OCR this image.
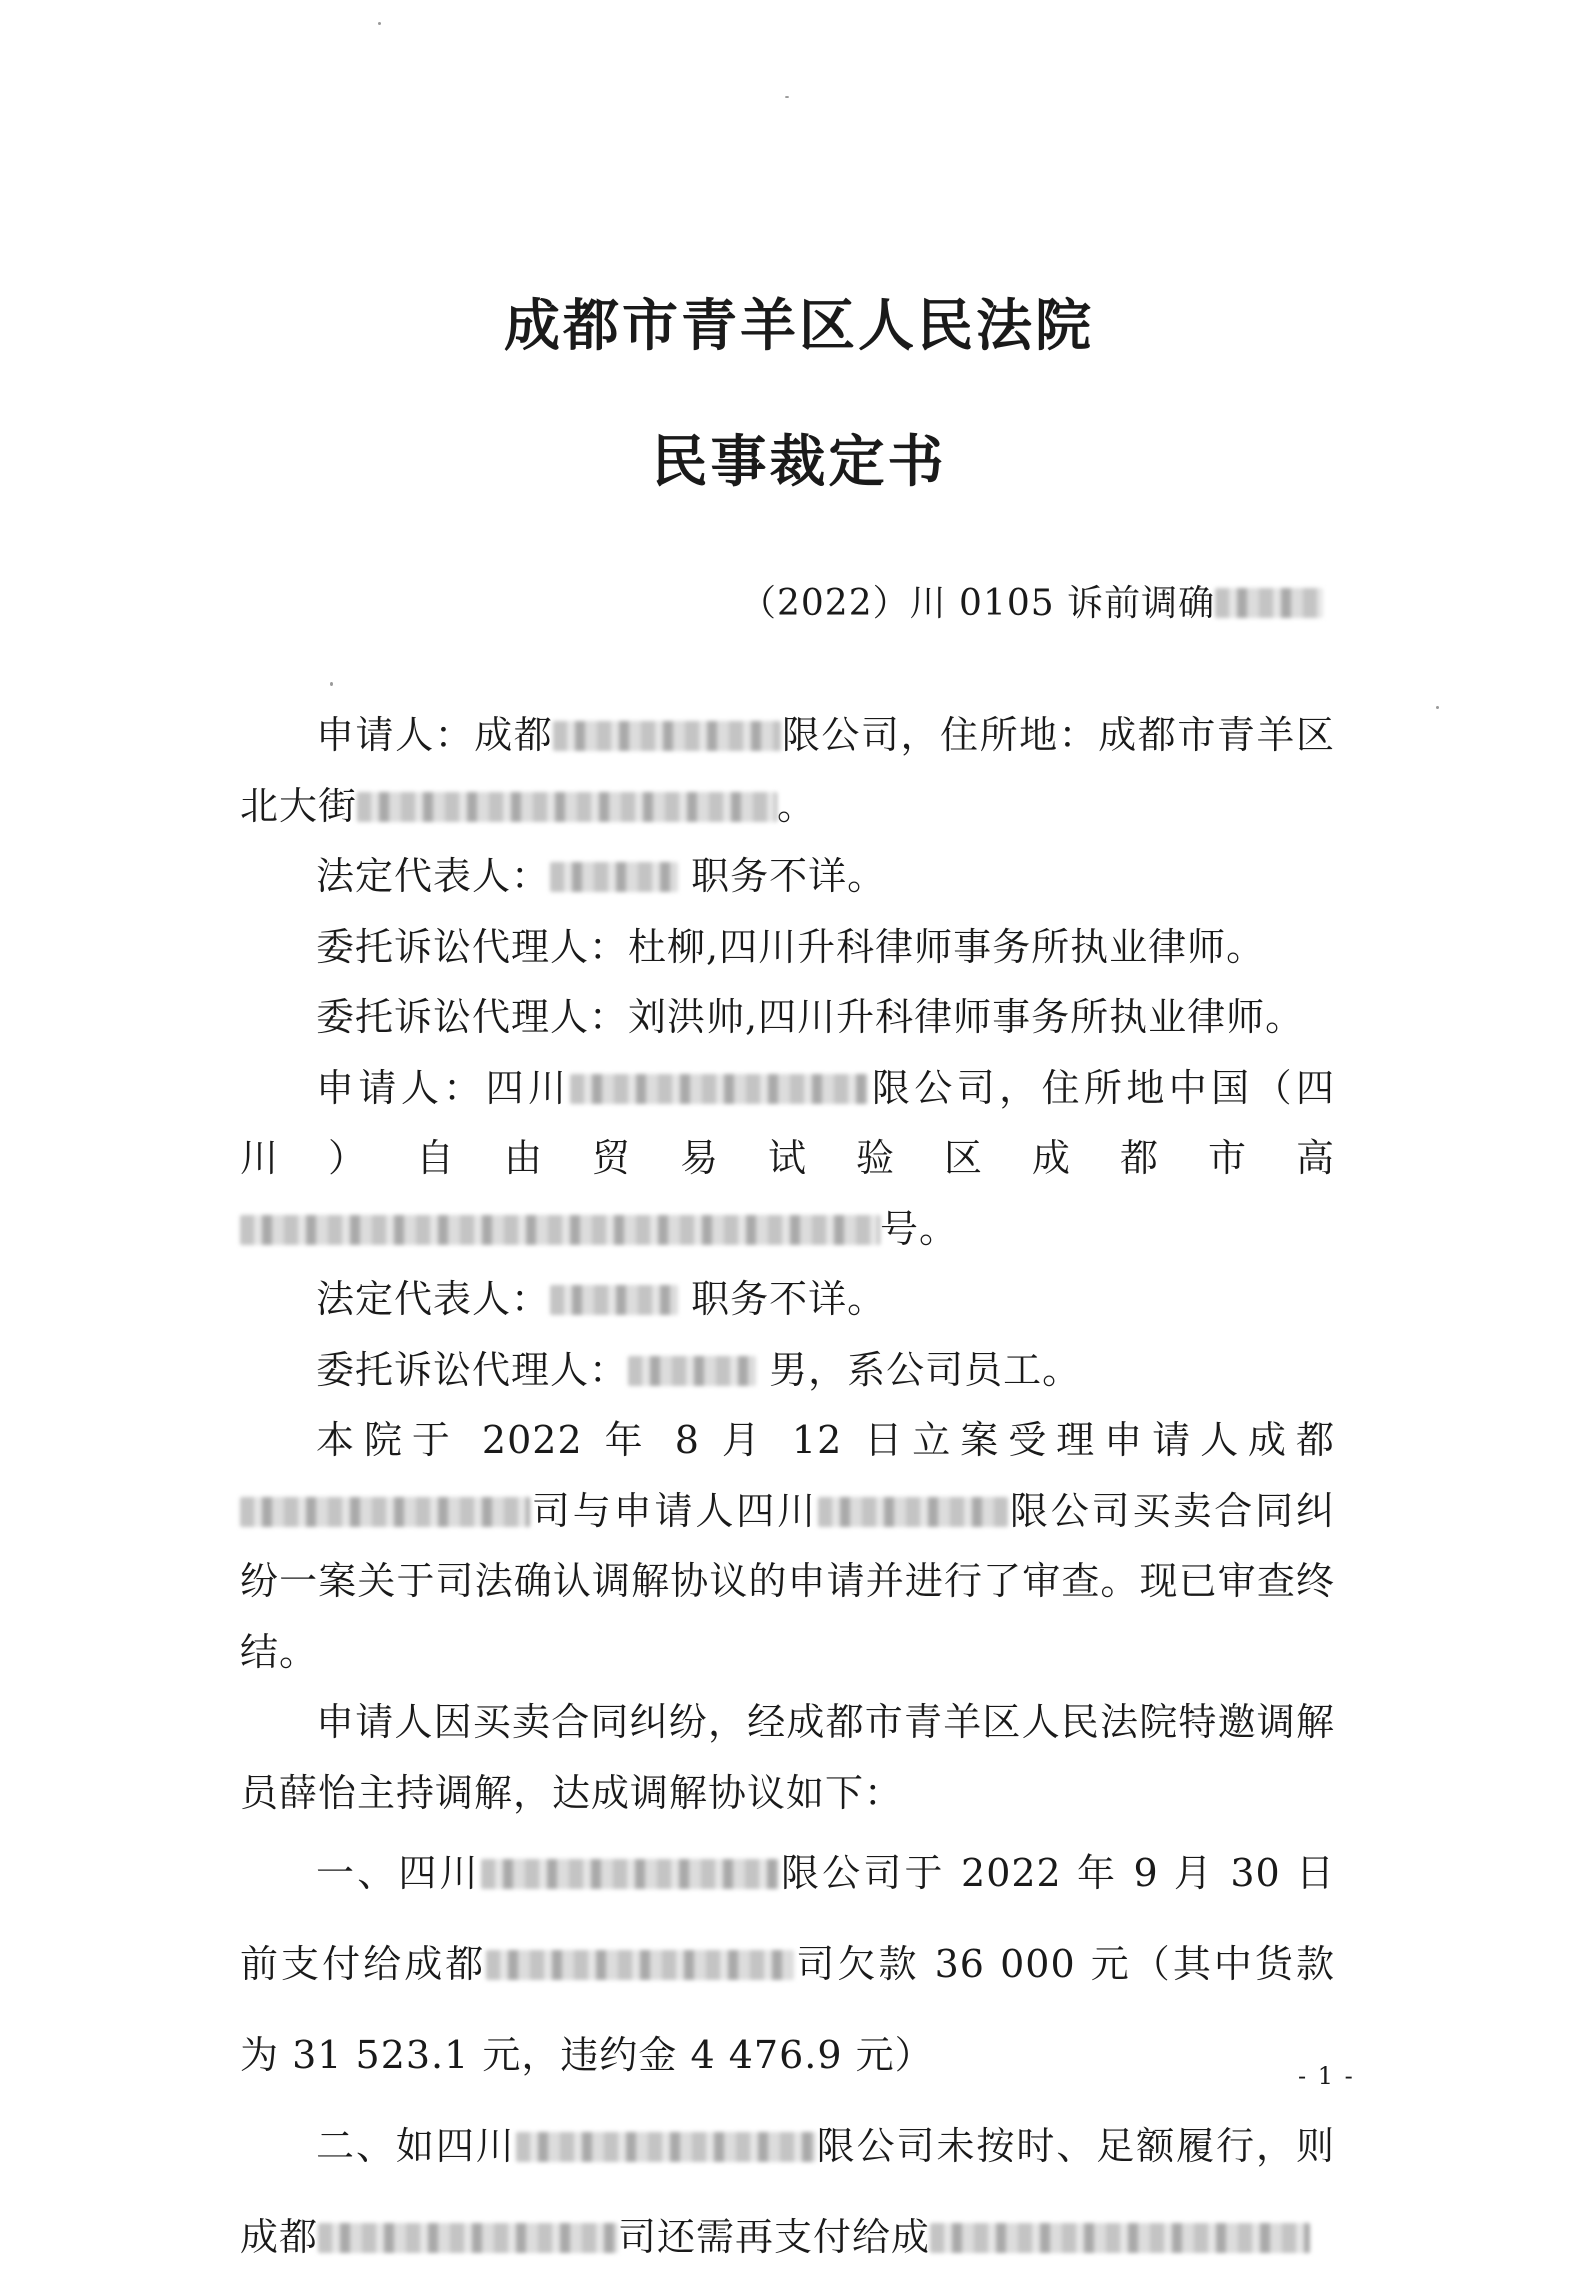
成都市青羊区人民法院
民事裁定书
（2022）川 0105 诉前调确

申请人：成都	限公司，住所地：成都市青羊区北大街	。

法定代表人：	职务不详。

委托诉讼代理人：杜柳,四川升科律师事务所执业律师。

委托诉讼代理人：刘洪帅,四川升科律师事务所执业律师。

申请人：四川	限公司，住所地中国（四川）自由贸易试验区成都市高号。

法定代表人：	职务不详。

委托诉讼代理人：	男，系公司员工。

本院于 2022 年 8 月 12 日立案受理申请人成都司与申请人四川	限公司买卖合同纠纷一案关于司法确认调解协议的申请并进行了审查。现已审查终结。

申请人因买卖合同纠纷，经成都市青羊区人民法院特邀调解员薛怡主持调解，达成调解协议如下：

一、四川	限公司于 2022 年 9 月 30 日前支付给成都	司欠款 36 000 元（其中货款为 31 523.1 元，违约金 4 476.9 元）

二、如四川	限公司未按时、足额履行，则成都	司还需再支付给成

- 1 -
